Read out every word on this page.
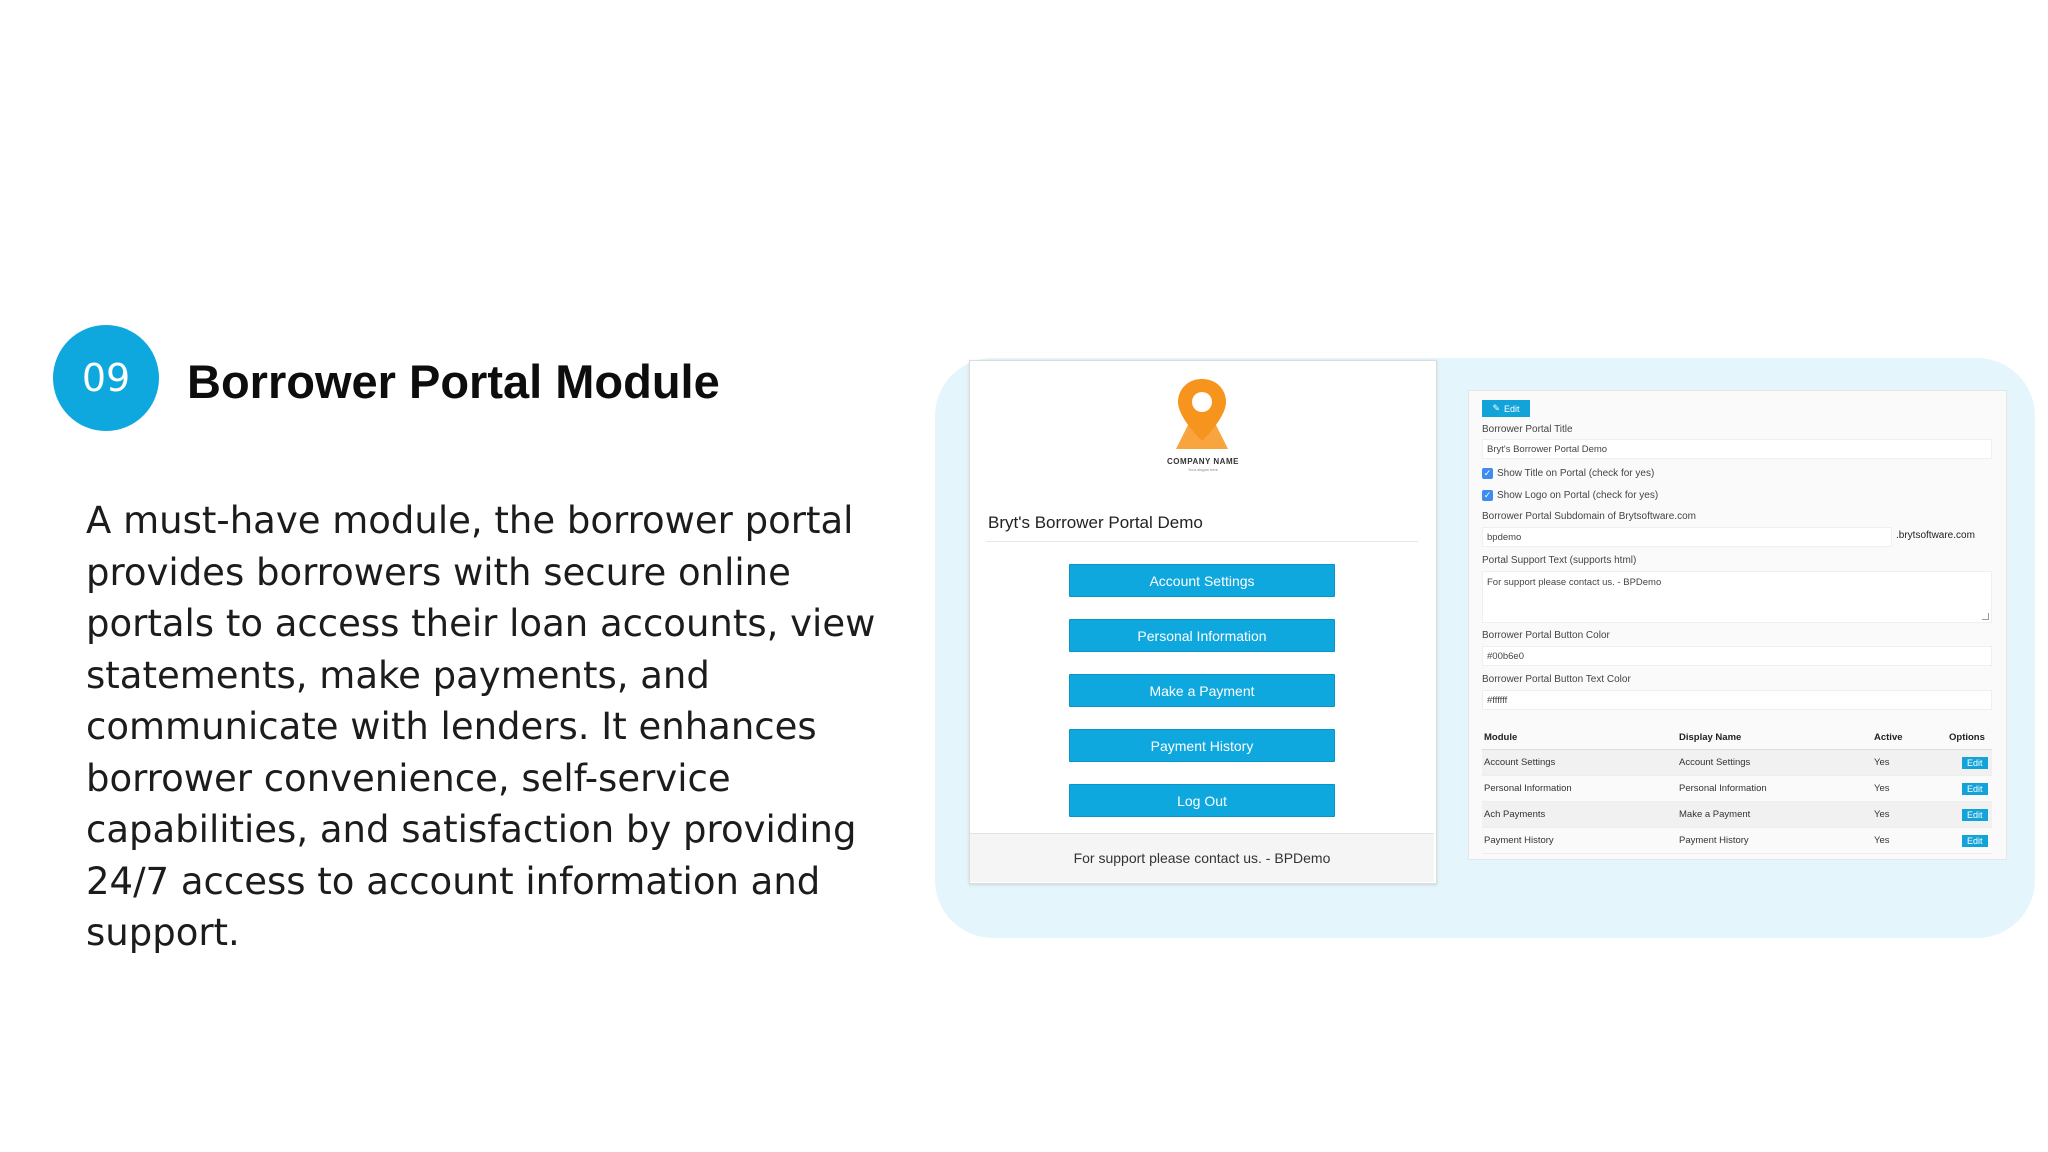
09 Borrower Portal Module
A must-have module, the borrower portal
provides borrowers with secure online
portals to access their loan accounts, view
statements, make payments, and
communicate with lenders. It enhances
borrower convenience, self-service
capabilities, and satisfaction by providing
24/7 access to account information and
support.
COMPANY NAME
Your slogan here
Bryt's Borrower Portal Demo
Account Settings
Personal Information
Make a Payment
Payment History
Log Out
For support please contact us. - BPDemo
✎ Edit
Borrower Portal Title
Bryt's Borrower Portal Demo
✓ Show Title on Portal (check for yes)
✓ Show Logo on Portal (check for yes)
Borrower Portal Subdomain of Brytsoftware.com
bpdemo	.brytsoftware.com
Portal Support Text (supports html)
For support please contact us. - BPDemo
Borrower Portal Button Color
#00b6e0
Borrower Portal Button Text Color
#ffffff
Module	Display Name	Active	Options
Account Settings	Account Settings	Yes	Edit
Personal Information	Personal Information	Yes	Edit
Ach Payments	Make a Payment	Yes	Edit
Payment History	Payment History	Yes	Edit
